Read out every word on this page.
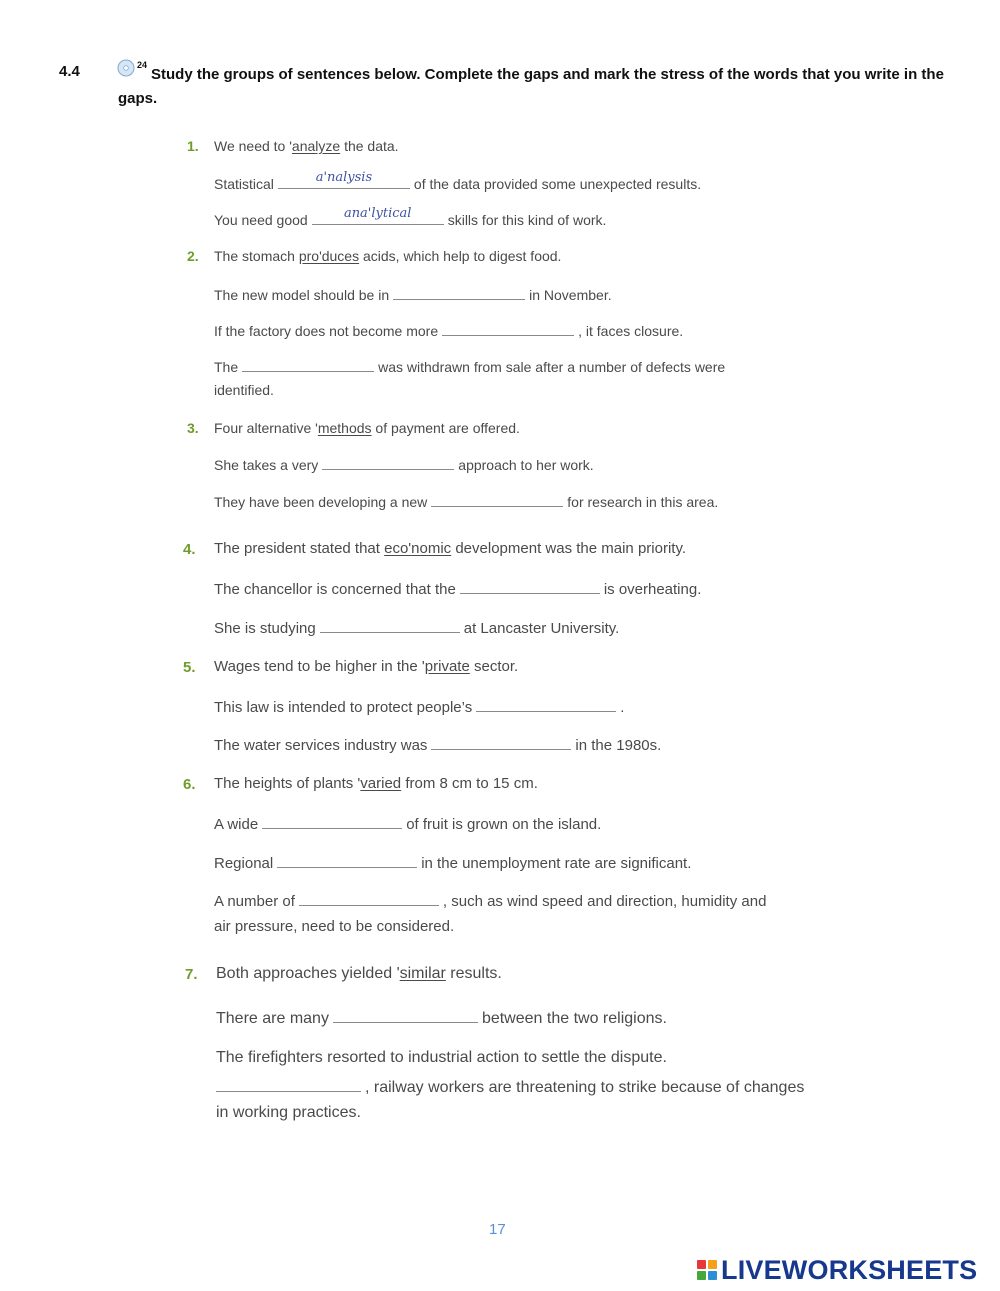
4.4	24
Study the groups of sentences below. Complete the gaps and mark the stress of the words that you write in the gaps.
1. We need to 'analyze the data.
Statistical	a'nalysis	of the data provided some unexpected results.
You need good	ana'lytical	skills for this kind of work.
2. The stomach pro'duces acids, which help to digest food.
The new model should be in	in November.
If the factory does not become more	, it faces closure.
The	was withdrawn from sale after a number of defects were
identified.
3. Four alternative 'methods of payment are offered.
She takes a very	approach to her work.
They have been developing a new	for research in this area.
4. The president stated that eco'nomic development was the main priority.
The chancellor is concerned that the	is overheating.
She is studying	at Lancaster University.
5. Wages tend to be higher in the 'private sector.
This law is intended to protect people’s	.
The water services industry was	in the 1980s.
6. The heights of plants 'varied from 8 cm to 15 cm.
A wide	of fruit is grown on the island.
Regional	in the unemployment rate are significant.
A number of	, such as wind speed and direction, humidity and
air pressure, need to be considered.
7. Both approaches yielded 'similar results.
There are many	between the two religions.
The firefighters resorted to industrial action to settle the dispute.
, railway workers are threatening to strike because of changes
in working practices.
17
LIVEWORKSHEETS
